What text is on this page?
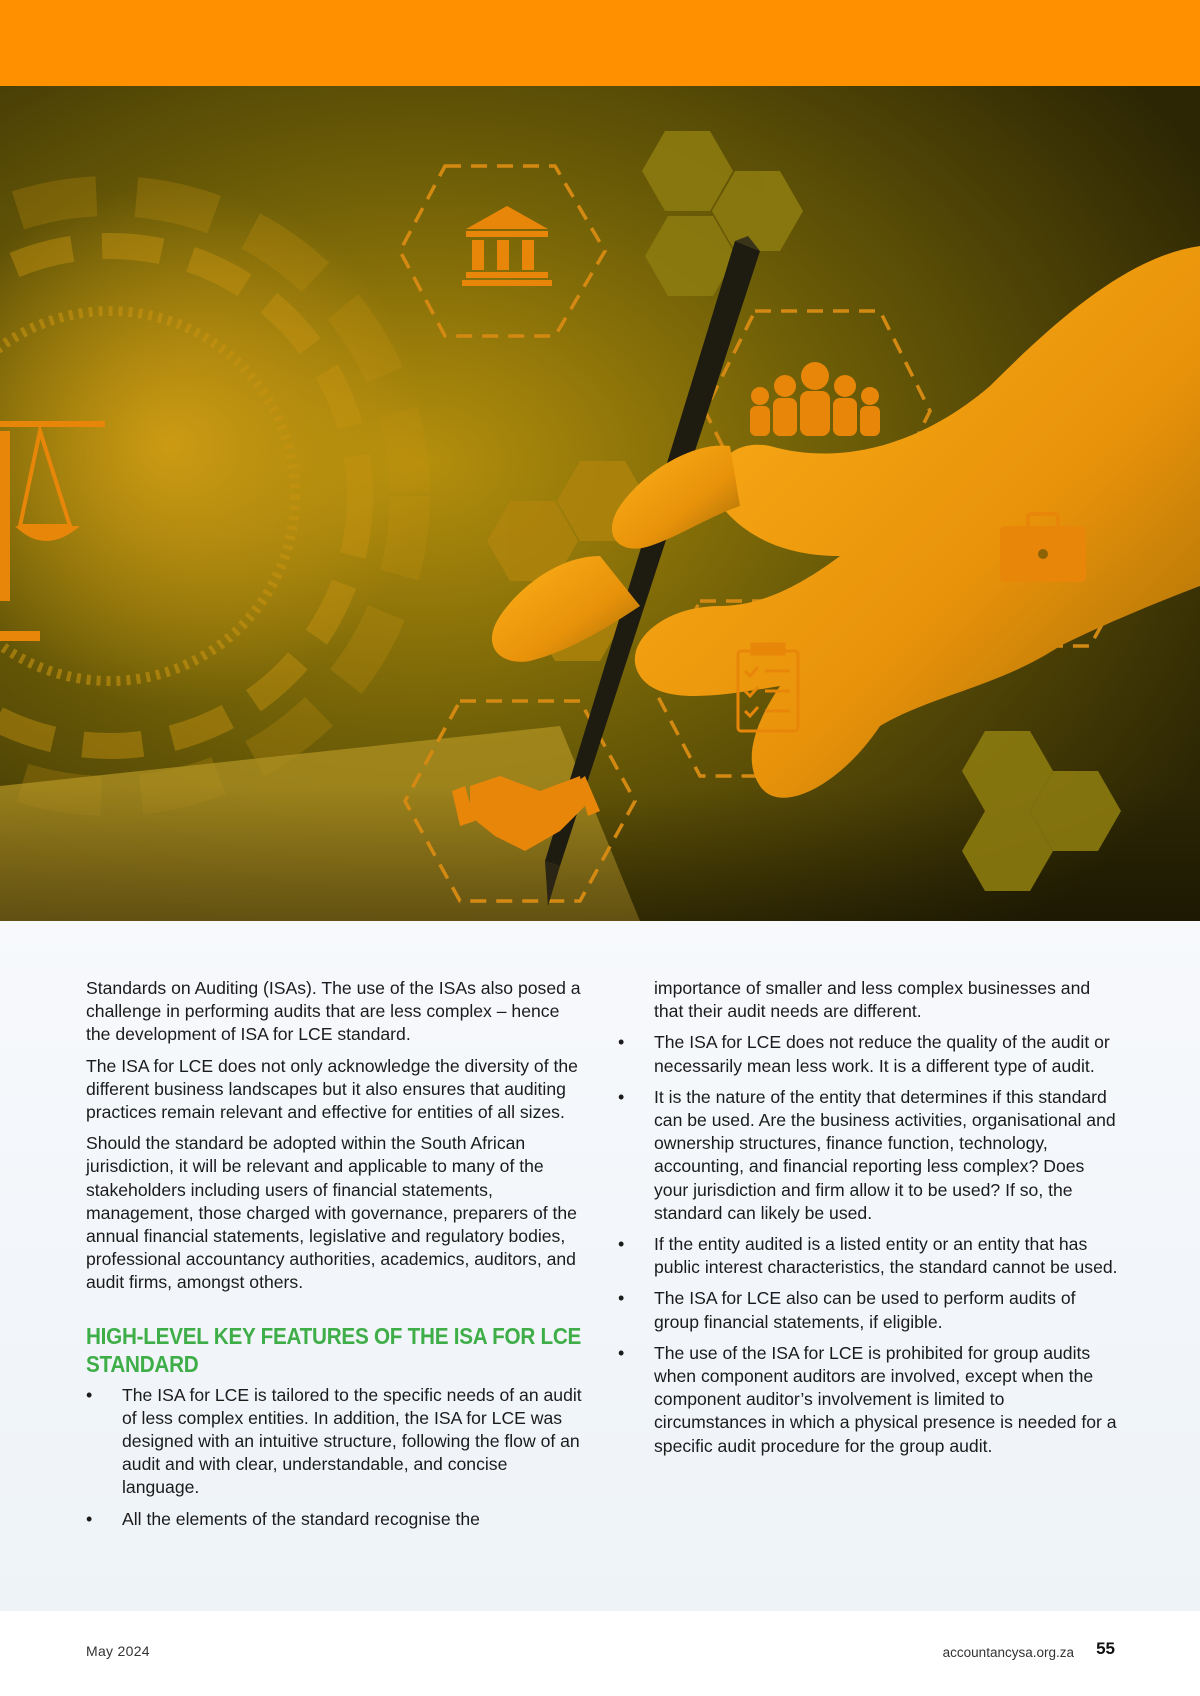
Standards on Auditing (ISAs). The use of the ISAs also posed a challenge in performing audits that are less complex – hence the development of ISA for LCE standard.

The ISA for LCE does not only acknowledge the diversity of the different business landscapes but it also ensures that auditing practices remain relevant and effective for entities of all sizes.

Should the standard be adopted within the South African jurisdiction, it will be relevant and applicable to many of the stakeholders including users of financial statements, management, those charged with governance, preparers of the annual financial statements, legislative and regulatory bodies, professional accountancy authorities, academics, auditors, and audit firms, amongst others.

HIGH-LEVEL KEY FEATURES OF THE ISA FOR LCE STANDARD
• The ISA for LCE is tailored to the specific needs of an audit of less complex entities. In addition, the ISA for LCE was designed with an intuitive structure, following the flow of an audit and with clear, understandable, and concise language.
• All the elements of the standard recognise the

importance of smaller and less complex businesses and that their audit needs are different.

• The ISA for LCE does not reduce the quality of the audit or necessarily mean less work. It is a different type of audit.
• It is the nature of the entity that determines if this standard can be used. Are the business activities, organisational and ownership structures, finance function, technology, accounting, and financial reporting less complex? Does your jurisdiction and firm allow it to be used? If so, the standard can likely be used.
• If the entity audited is a listed entity or an entity that has public interest characteristics, the standard cannot be used.
• The ISA for LCE also can be used to perform audits of group financial statements, if eligible.
• The use of the ISA for LCE is prohibited for group audits when component auditors are involved, except when the component auditor’s involvement is limited to circumstances in which a physical presence is needed for a specific audit procedure for the group audit.
May 2024	accountancysa.org.za 55
